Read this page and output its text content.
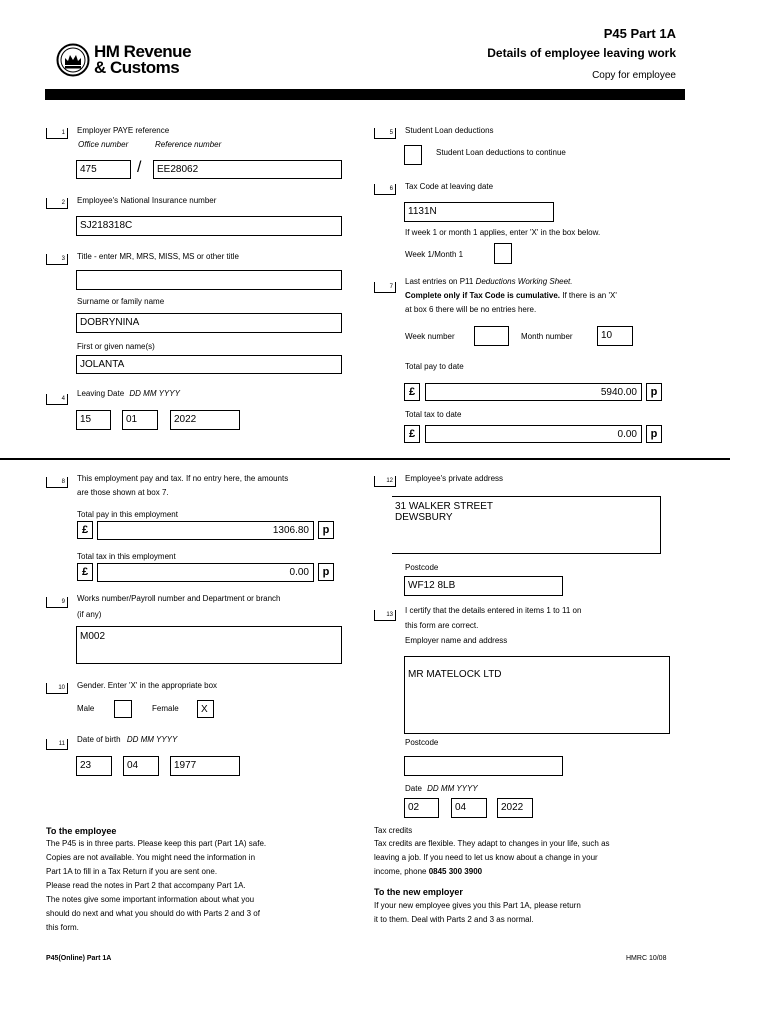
HM Revenue
& Customs
P45 Part 1A
Details of employee leaving work
Copy for employee
1	Employer PAYE reference
Office number	Reference number
475	/	EE28062
2	Employee's National Insurance number
SJ218318C
3	Title - enter MR, MRS, MISS, MS or other title
Surname or family name
DOBRYNINA
First or given name(s)
JOLANTA
4
Leaving Date DD MM YYYY
15	01	2022
5	Student Loan deductions
Student Loan deductions to continue
6	Tax Code at leaving date
1131N
If week 1 or month 1 applies, enter 'X' in the box below.
Week 1/Month 1
7
Last entries on P11 Deductions Working Sheet.
Complete only if Tax Code is cumulative. If there is an 'X'
at box 6 there will be no entries here.
Week number	Month number	10
Total pay to date
£	5940.00	p
Total tax to date
£	0.00	p
8	This employment pay and tax. If no entry here, the amounts
are those shown at box 7.
Total pay in this employment
£	1306.80	p
Total tax in this employment
£	0.00	p
9	Works number/Payroll number and Department or branch
(if any)
M002
10	Gender. Enter 'X' in the appropriate box
Male	Female	X
11	Date of birth DD MM YYYY
23	04	1977
12	Employee's private address
31 WALKER STREET
DEWSBURY
Postcode
WF12 8LB
13	I certify that the details entered in items 1 to 11 on
this form are correct.
Employer name and address
MR MATELOCK LTD
Postcode
Date DD MM YYYY
02	04	2022
To the employee
The P45 is in three parts. Please keep this part (Part 1A) safe.
Copies are not available. You might need the information in
Part 1A to fill in a Tax Return if you are sent one.
Please read the notes in Part 2 that accompany Part 1A.
The notes give some important information about what you
should do next and what you should do with Parts 2 and 3 of
this form.
Tax credits
Tax credits are flexible. They adapt to changes in your life, such as
leaving a job. If you need to let us know about a change in your
income, phone 0845 300 3900
To the new employer
If your new employee gives you this Part 1A, please return
it to them. Deal with Parts 2 and 3 as normal.
P45(Online) Part 1A	HMRC 10/08
